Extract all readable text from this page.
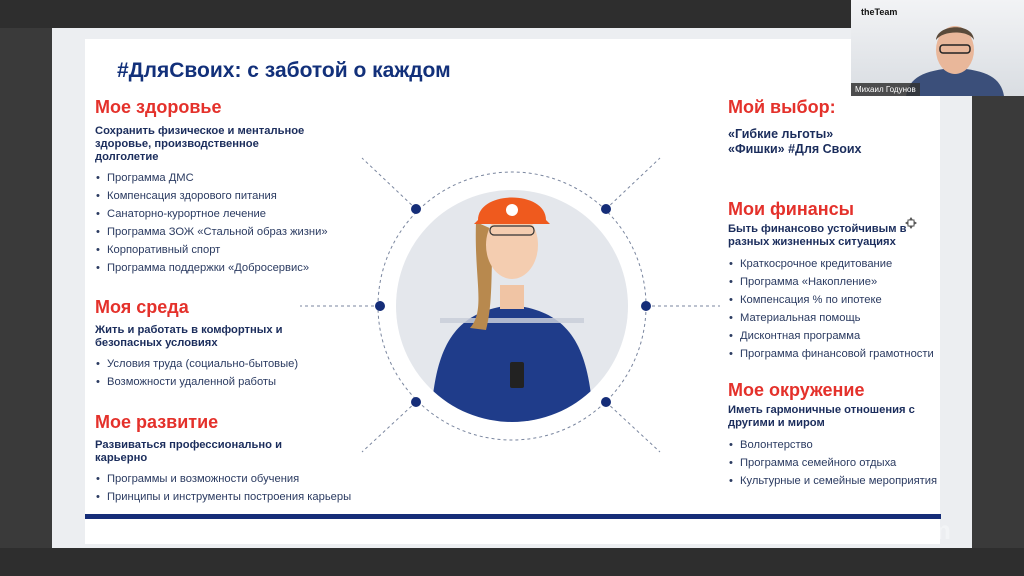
#ДляСвоих: с заботой о каждом
Мое здоровье
Сохранить физическое и ментальное здоровье, производственное долголетие
• Программа ДМС
• Компенсация здорового питания
• Санаторно-курортное лечение
• Программа ЗОЖ «Стальной образ жизни»
• Корпоративный спорт
• Программа поддержки «Добросервис»
Моя среда
Жить и работать в комфортных и безопасных условиях
• Условия труда (социально-бытовые)
• Возможности удаленной работы
Мое развитие
Развиваться профессионально и карьерно
• Программы и возможности обучения
• Принципы и инструменты построения карьеры
Мой выбор:
«Гибкие льготы» «Фишки» #Для Своих
Мои финансы
Быть финансово устойчивым в разных жизненных ситуациях
• Краткосрочное кредитование
• Программа «Накопление»
• Компенсация % по ипотеке
• Материальная помощь
• Дисконтная программа
• Программа финансовой грамотности
Мое окружение
Иметь гармоничные отношения с другими и миром
• Волонтерство
• Программа семейного отдыха
• Культурные и семейные мероприятия
zoom
theTeam
Михаил Годунов
